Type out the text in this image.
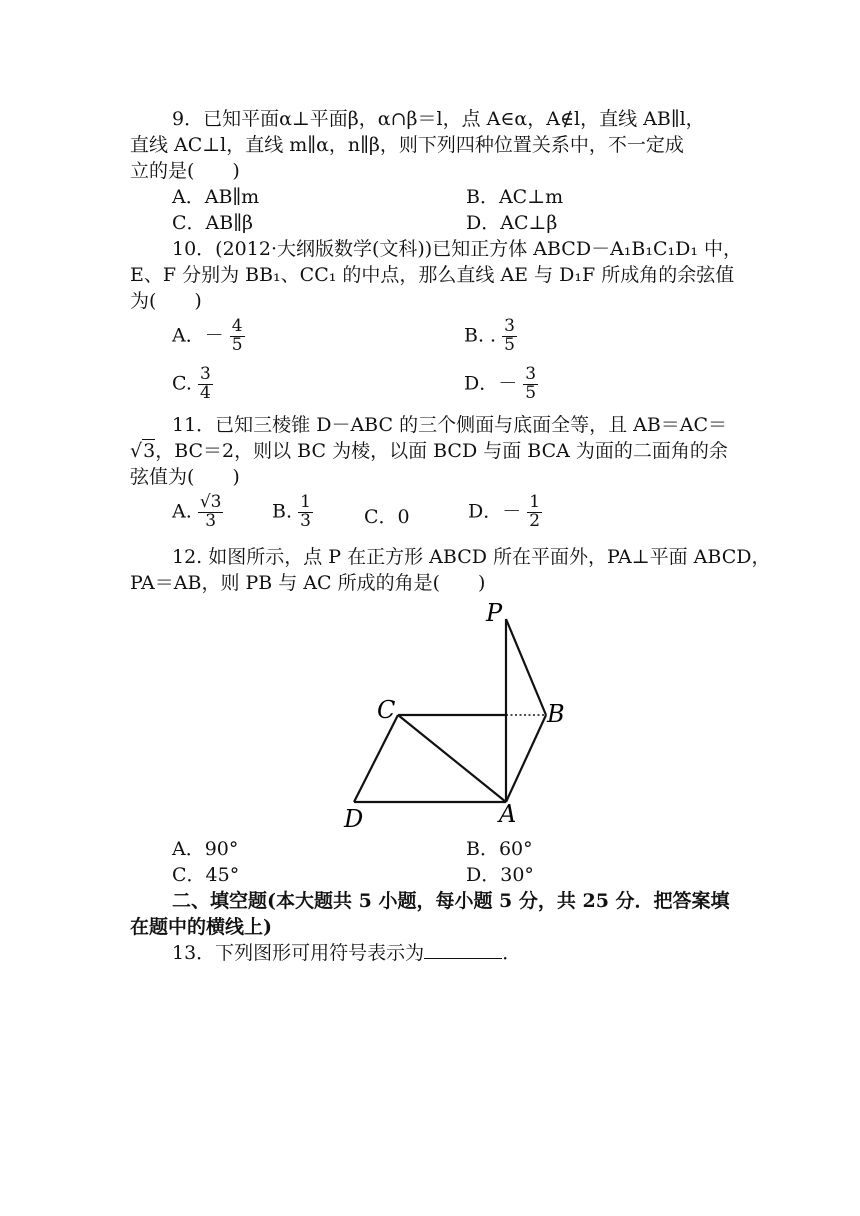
9．已知平面α⊥平面β，α∩β＝l，点 A∈α，A∉l，直线 AB∥l，
直线 AC⊥l，直线 m∥α，n∥β，则下列四种位置关系中，不一定成
立的是(　　)
A．AB∥m	B．AC⊥m
C．AB∥β	D．AC⊥β
10．(2012·大纲版数学(文科))已知正方体 ABCD－A₁B₁C₁D₁ 中，
E、F 分别为 BB₁、CC₁ 的中点，那么直线 AE 与 D₁F 所成角的余弦值
为(　　)
A．－ $\frac{4}{5}$	B. . $\frac{3}{5}$
C. $\frac{3}{4}$	D．－ $\frac{3}{5}$
11．已知三棱锥 D－ABC 的三个侧面与底面全等，且 AB＝AC＝
√3，BC＝2，则以 BC 为棱，以面 BCD 与面 BCA 为面的二面角的余
弦值为(　　)
A. $\frac{√3}{3}$	B. $\frac{1}{3}$	C．0	D．－ $\frac{1}{2}$
12. 如图所示，点 P 在正方形 ABCD 所在平面外，PA⊥平面 ABCD，
PA＝AB，则 PB 与 AC 所成的角是(　　)
P
C	B
D	A
A．90°	B．60°
C．45°	D．30°
二、填空题(本大题共 5 小题，每小题 5 分，共 25 分．把答案填
在题中的横线上)
13．下列图形可用符号表示为	．
